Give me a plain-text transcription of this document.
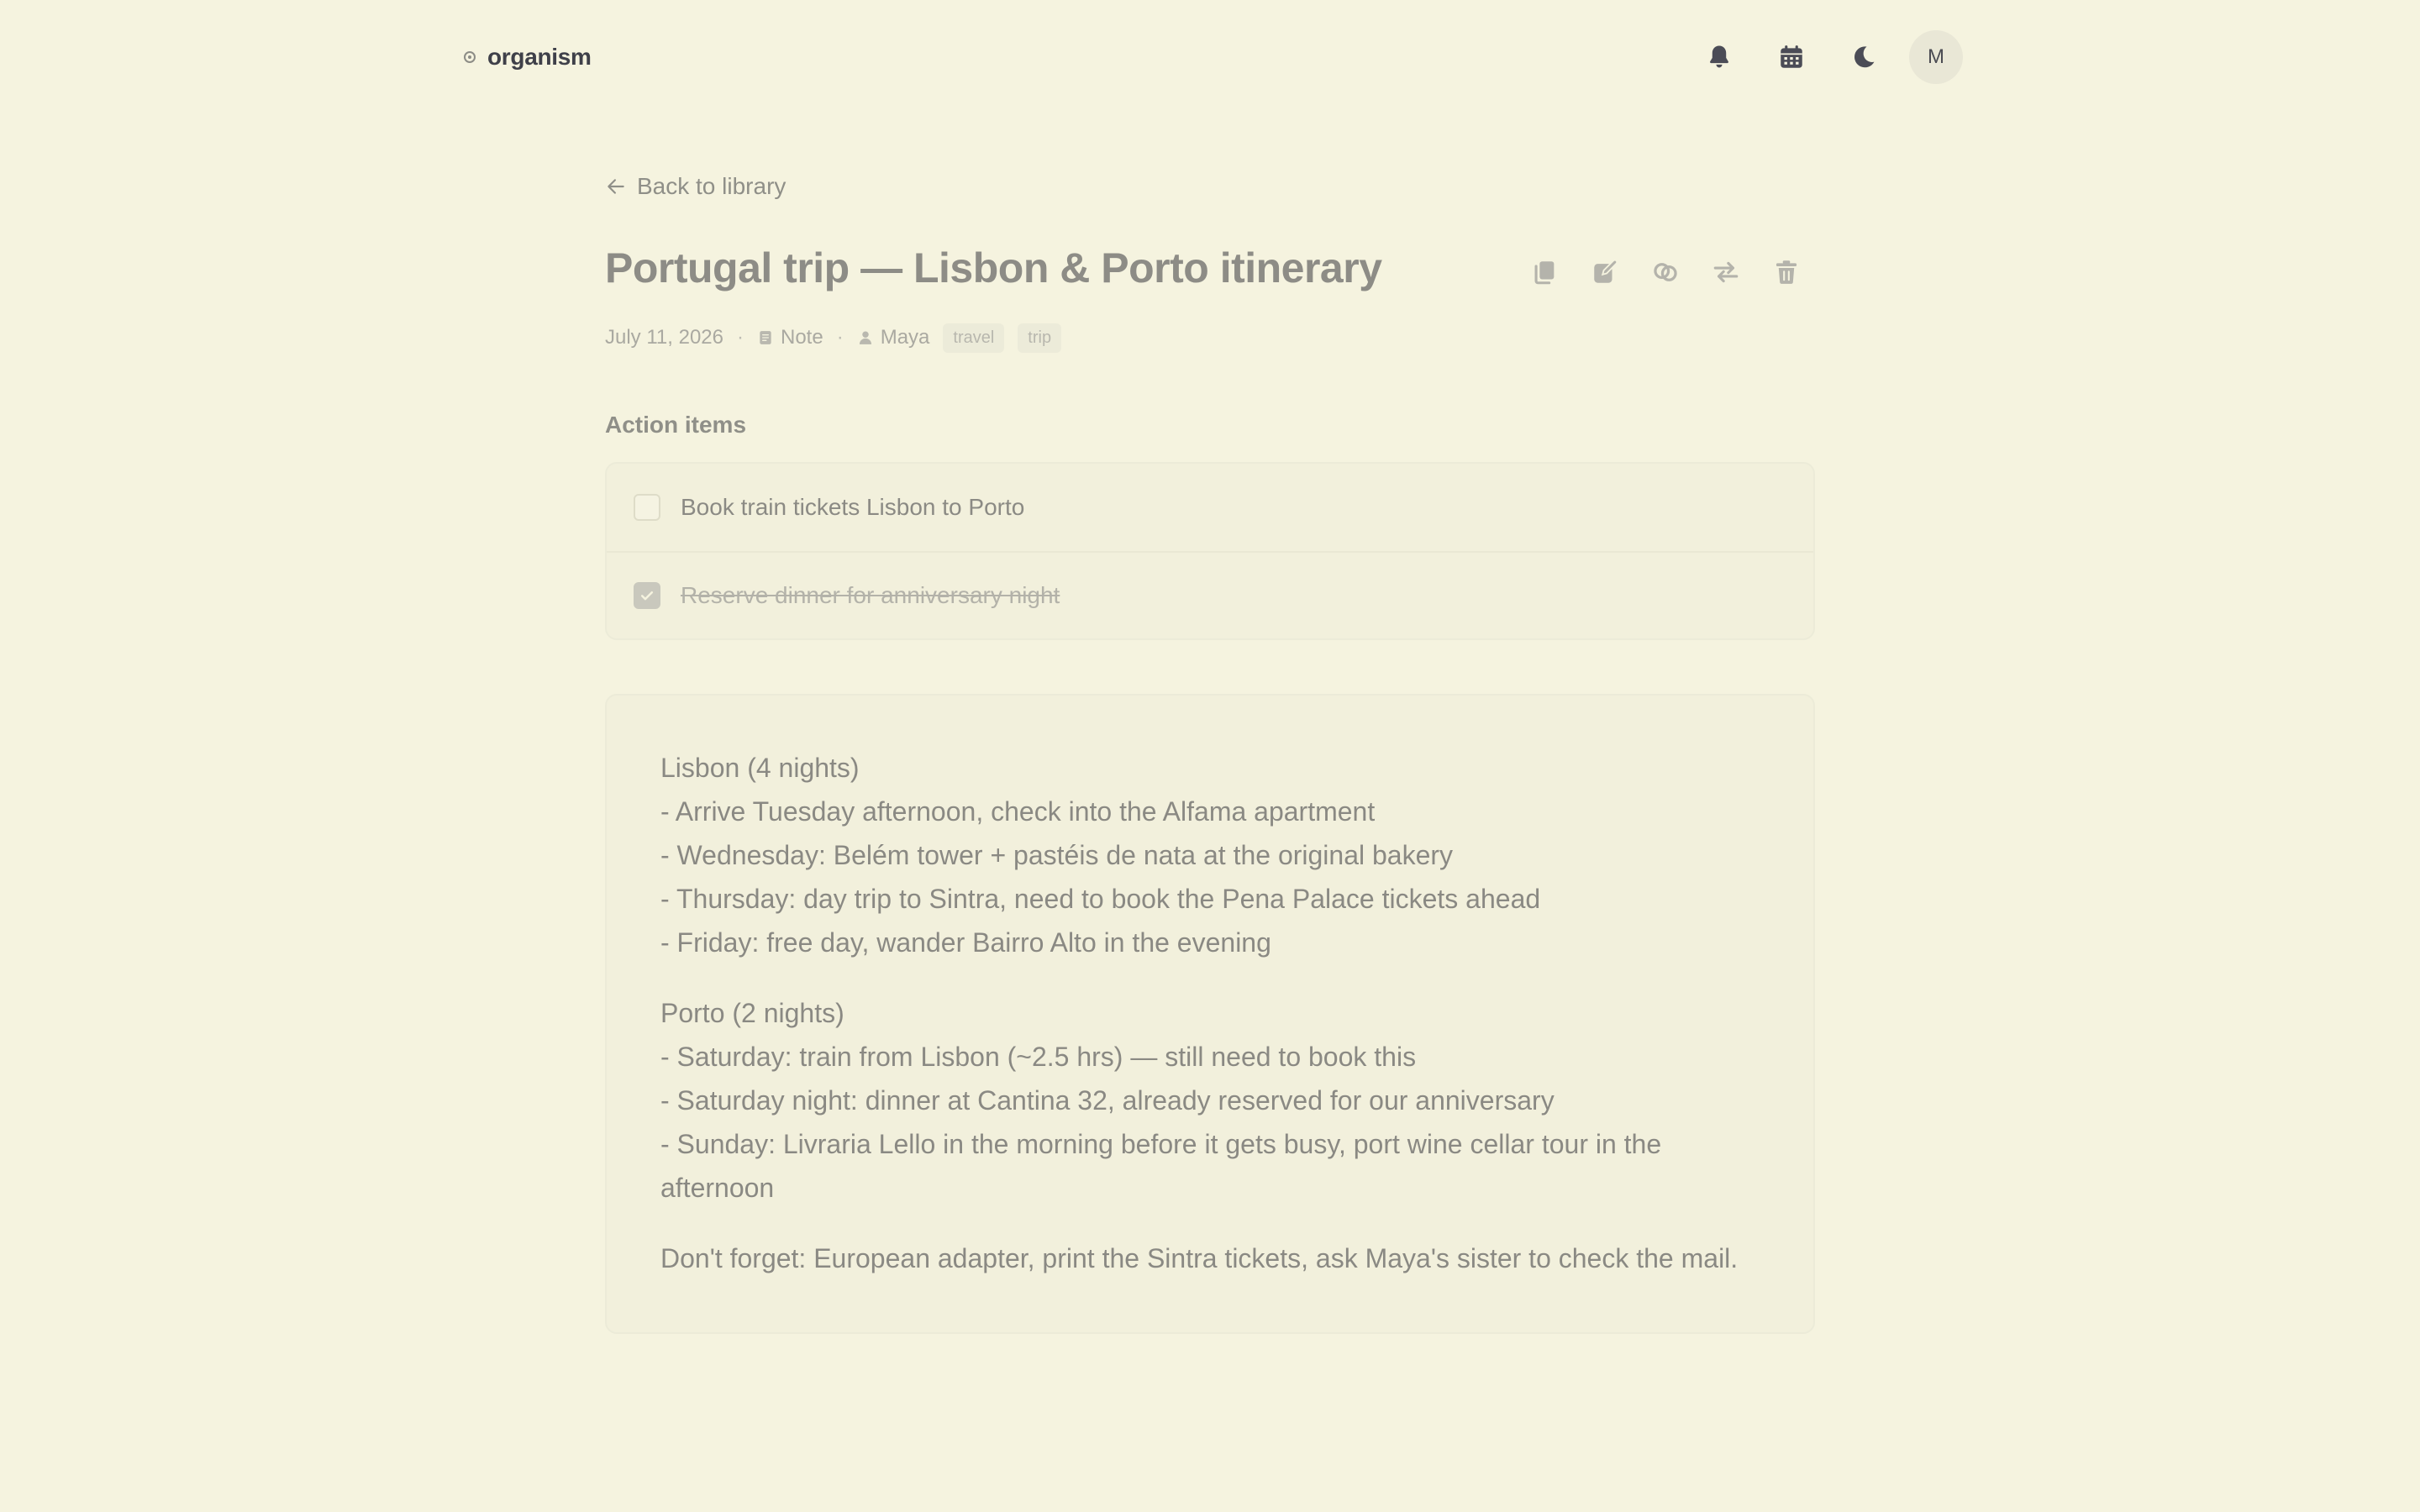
organism	M
Back to library
Portugal trip — Lisbon & Porto itinerary
July 11, 2026 · Note · Maya	travel	trip
Action items
Book train tickets Lisbon to Porto
Reserve dinner for anniversary night

Lisbon (4 nights)
- Arrive Tuesday afternoon, check into the Alfama apartment
- Wednesday: Belém tower + pastéis de nata at the original bakery
- Thursday: day trip to Sintra, need to book the Pena Palace tickets ahead
- Friday: free day, wander Bairro Alto in the evening

Porto (2 nights)
- Saturday: train from Lisbon (~2.5 hrs) — still need to book this
- Saturday night: dinner at Cantina 32, already reserved for our anniversary
- Sunday: Livraria Lello in the morning before it gets busy, port wine cellar tour in the afternoon

Don't forget: European adapter, print the Sintra tickets, ask Maya's sister to check the mail.
